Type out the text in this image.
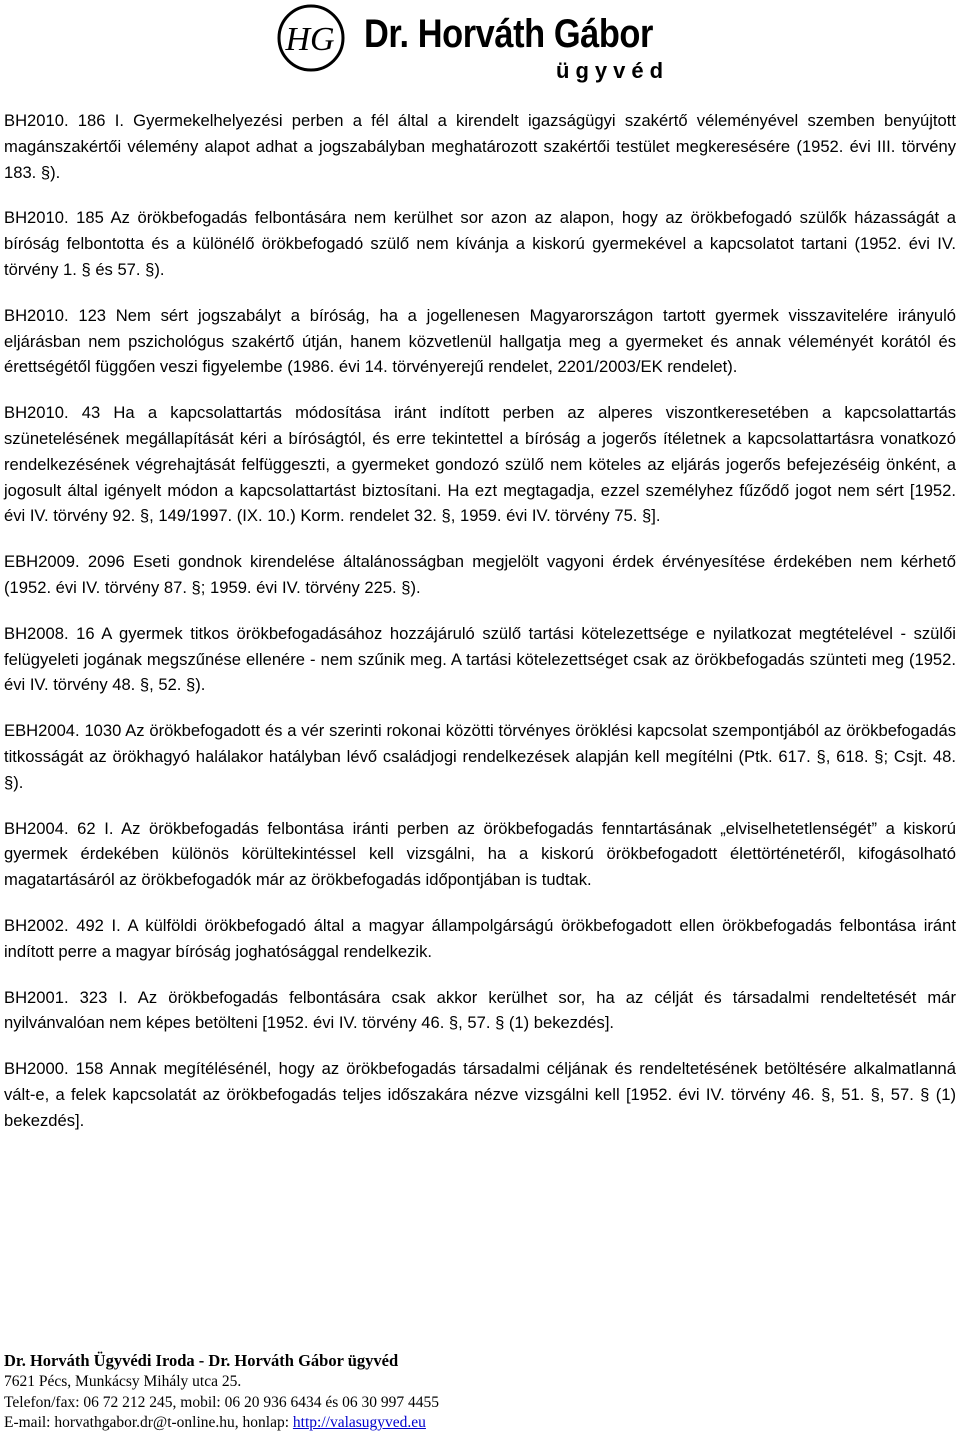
HG Dr. Horváth Gábor
ügyvéd

BH2010. 186 I. Gyermekelhelyezési perben a fél által a kirendelt igazságügyi szakértő véleményével szemben benyújtott magánszakértői vélemény alapot adhat a jogszabályban meghatározott szakértői testület megkeresésére (1952. évi III. törvény 183. §).

BH2010. 185 Az örökbefogadás felbontására nem kerülhet sor azon az alapon, hogy az örökbefogadó szülők házasságát a bíróság felbontotta és a különélő örökbefogadó szülő nem kívánja a kiskorú gyermekével a kapcsolatot tartani (1952. évi IV. törvény 1. § és 57. §).

BH2010. 123 Nem sért jogszabályt a bíróság, ha a jogellenesen Magyarországon tartott gyermek visszavitelére irányuló eljárásban nem pszichológus szakértő útján, hanem közvetlenül hallgatja meg a gyermeket és annak véleményét korától és érettségétől függően veszi figyelembe (1986. évi 14. törvényerejű rendelet, 2201/2003/EK rendelet).

BH2010. 43 Ha a kapcsolattartás módosítása iránt indított perben az alperes viszontkeresetében a kapcsolattartás szünetelésének megállapítását kéri a bíróságtól, és erre tekintettel a bíróság a jogerős ítéletnek a kapcsolattartásra vonatkozó rendelkezésének végrehajtását felfüggeszti, a gyermeket gondozó szülő nem köteles az eljárás jogerős befejezéséig önként, a jogosult által igényelt módon a kapcsolattartást biztosítani. Ha ezt megtagadja, ezzel személyhez fűződő jogot nem sért [1952. évi IV. törvény 92. §, 149/1997. (IX. 10.) Korm. rendelet 32. §, 1959. évi IV. törvény 75. §].

EBH2009. 2096 Eseti gondnok kirendelése általánosságban megjelölt vagyoni érdek érvényesítése érdekében nem kérhető (1952. évi IV. törvény 87. §; 1959. évi IV. törvény 225. §).

BH2008. 16 A gyermek titkos örökbefogadásához hozzájáruló szülő tartási kötelezettsége e nyilatkozat megtételével - szülői felügyeleti jogának megszűnése ellenére - nem szűnik meg. A tartási kötelezettséget csak az örökbefogadás szünteti meg (1952. évi IV. törvény 48. §, 52. §).

EBH2004. 1030 Az örökbefogadott és a vér szerinti rokonai közötti törvényes öröklési kapcsolat szempontjából az örökbefogadás titkosságát az örökhagyó halálakor hatályban lévő családjogi rendelkezések alapján kell megítélni (Ptk. 617. §, 618. §; Csjt. 48. §).

BH2004. 62 I. Az örökbefogadás felbontása iránti perben az örökbefogadás fenntartásának „elviselhetetlenségét” a kiskorú gyermek érdekében különös körültekintéssel kell vizsgálni, ha a kiskorú örökbefogadott élettörténetéről, kifogásolható magatartásáról az örökbefogadók már az örökbefogadás időpontjában is tudtak.

BH2002. 492 I. A külföldi örökbefogadó által a magyar állampolgárságú örökbefogadott ellen örökbefogadás felbontása iránt indított perre a magyar bíróság joghatósággal rendelkezik.

BH2001. 323 I. Az örökbefogadás felbontására csak akkor kerülhet sor, ha az célját és társadalmi rendeltetését már nyilvánvalóan nem képes betölteni [1952. évi IV. törvény 46. §, 57. § (1) bekezdés].

BH2000. 158 Annak megítélésénél, hogy az örökbefogadás társadalmi céljának és rendeltetésének betöltésére alkalmatlanná vált-e, a felek kapcsolatát az örökbefogadás teljes időszakára nézve vizsgálni kell [1952. évi IV. törvény 46. §, 51. §, 57. § (1) bekezdés].

Dr. Horváth Ügyvédi Iroda - Dr. Horváth Gábor ügyvéd
7621 Pécs, Munkácsy Mihály utca 25.
Telefon/fax: 06 72 212 245, mobil: 06 20 936 6434 és 06 30 997 4455
E-mail: horvathgabor.dr@t-online.hu, honlap: http://valasugyved.eu
